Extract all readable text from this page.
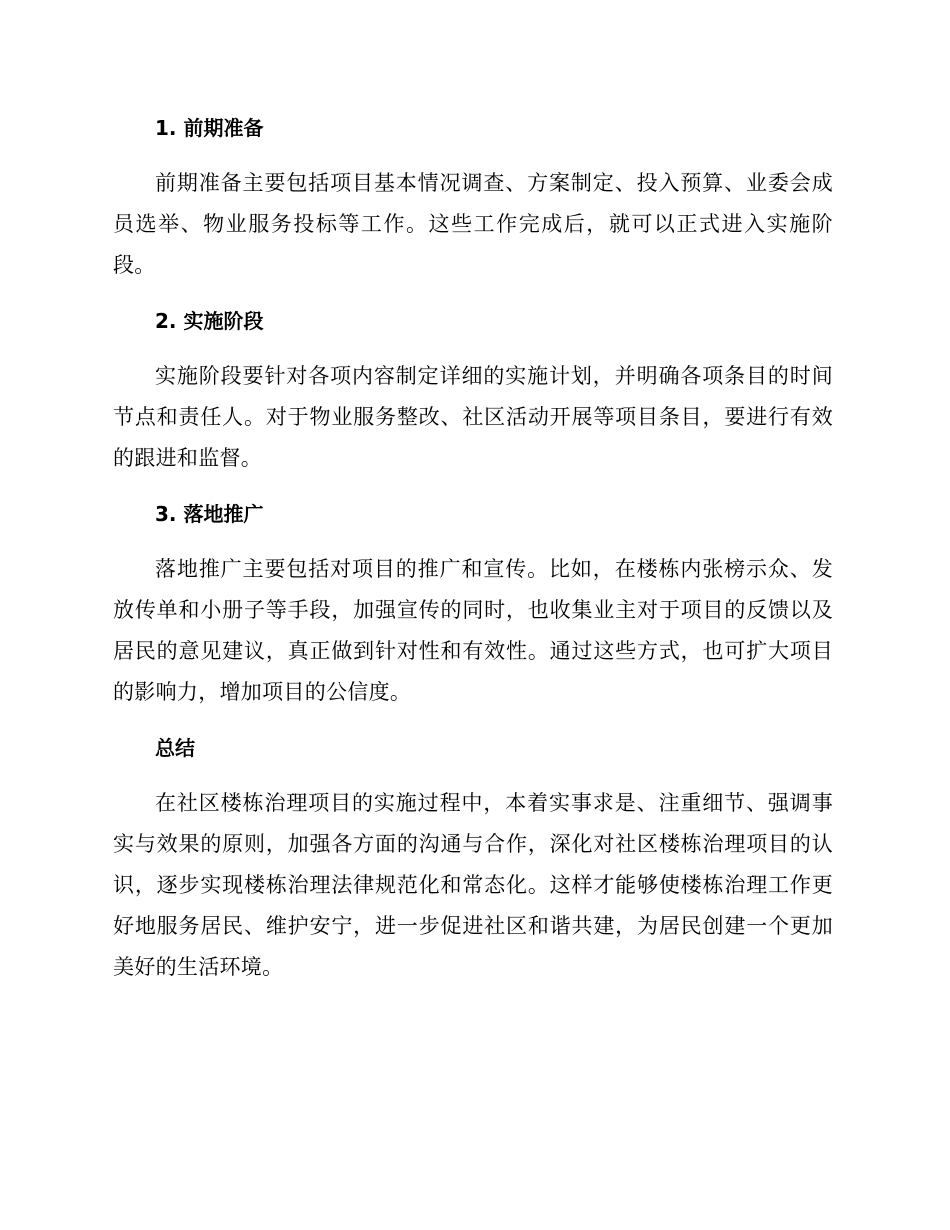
1. 前期准备

前期准备主要包括项目基本情况调查、方案制定、投入预算、业委会成员选举、物业服务投标等工作。这些工作完成后，就可以正式进入实施阶段。

2. 实施阶段

实施阶段要针对各项内容制定详细的实施计划，并明确各项条目的时间节点和责任人。对于物业服务整改、社区活动开展等项目条目，要进行有效的跟进和监督。

3. 落地推广

落地推广主要包括对项目的推广和宣传。比如，在楼栋内张榜示众、发放传单和小册子等手段，加强宣传的同时，也收集业主对于项目的反馈以及居民的意见建议，真正做到针对性和有效性。通过这些方式，也可扩大项目的影响力，增加项目的公信度。

总结

在社区楼栋治理项目的实施过程中，本着实事求是、注重细节、强调事实与效果的原则，加强各方面的沟通与合作，深化对社区楼栋治理项目的认识，逐步实现楼栋治理法律规范化和常态化。这样才能够使楼栋治理工作更好地服务居民、维护安宁，进一步促进社区和谐共建，为居民创建一个更加美好的生活环境。
